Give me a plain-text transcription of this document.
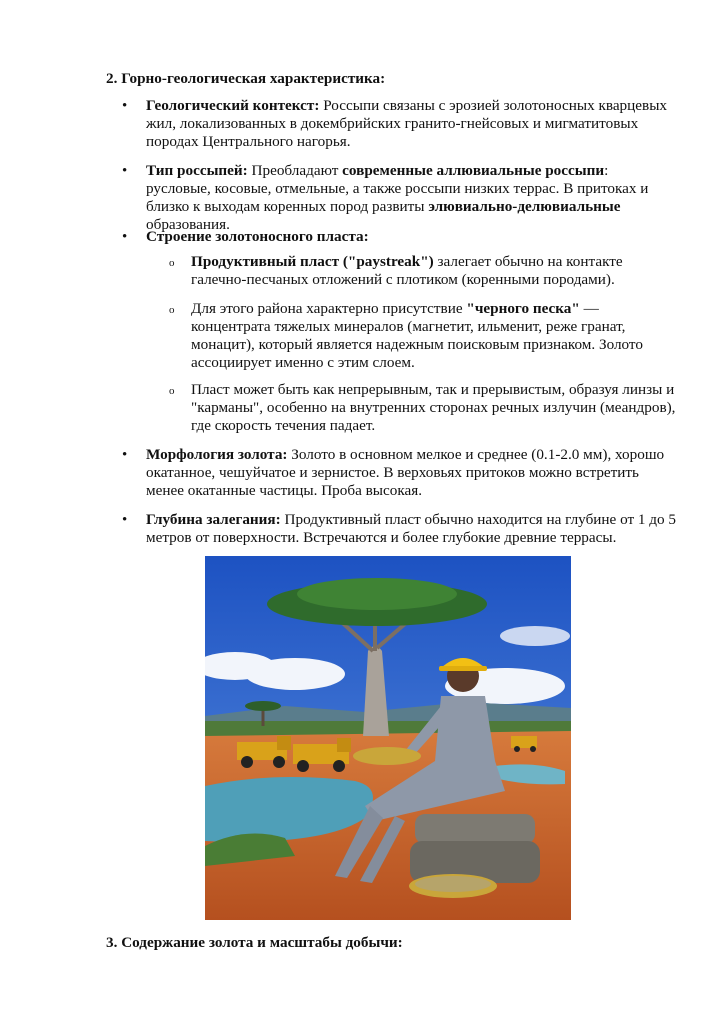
2. Горно-геологическая характеристика:
• Геологический контекст: Россыпи связаны с эрозией золотоносных кварцевых жил, локализованных в докембрийских гранито-гнейсовых и мигматитовых породах Центрального нагорья.
• Тип россыпей: Преобладают современные аллювиальные россыпи: русловые, косовые, отмельные, а также россыпи низких террас. В притоках и близко к выходам коренных пород развиты элювиально-делювиальные образования.
• Строение золотоносного пласта:
o Продуктивный пласт ("paystreak") залегает обычно на контакте галечно-песчаных отложений с плотиком (коренными породами).
o Для этого района характерно присутствие "черного песка" — концентрата тяжелых минералов (магнетит, ильменит, реже гранат, монацит), который является надежным поисковым признаком. Золото ассоциирует именно с этим слоем.
o Пласт может быть как непрерывным, так и прерывистым, образуя линзы и "карманы", особенно на внутренних сторонах речных излучин (меандров), где скорость течения падает.
• Морфология золота: Золото в основном мелкое и среднее (0.1-2.0 мм), хорошо окатанное, чешуйчатое и зернистое. В верховьях притоков можно встретить менее окатанные частицы. Проба высокая.
• Глубина залегания: Продуктивный пласт обычно находится на глубине от 1 до 5 метров от поверхности. Встречаются и более глубокие древние террасы.
3. Содержание золота и масштабы добычи:
